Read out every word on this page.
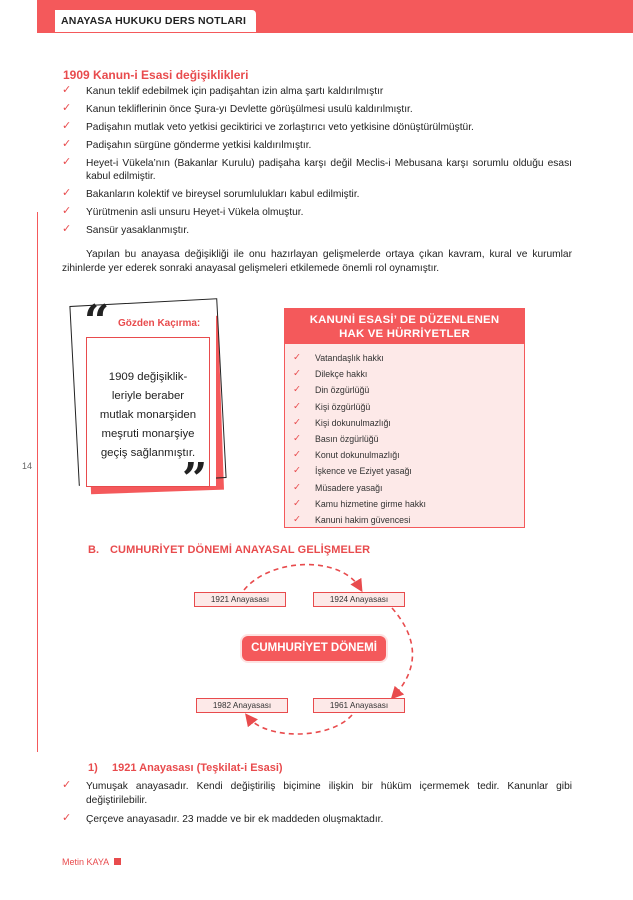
ANAYASA HUKUKU DERS NOTLARI
14
1909 Kanun-i Esasi değişiklikleri
✓ Kanun teklif edebilmek için padişahtan izin alma şartı kaldırılmıştır
✓ Kanun tekliflerinin önce Şura-yı Devlette görüşülmesi usulü kaldırılmıştır.
✓ Padişahın mutlak veto yetkisi geciktirici ve zorlaştırıcı veto yetkisine dönüştürülmüştür.
✓ Padişahın sürgüne gönderme yetkisi kaldırılmıştır.
✓ Heyet-i Vükela’nın (Bakanlar Kurulu) padişaha karşı değil Meclis-i Mebusana karşı sorumlu olduğu esası kabul edilmiştir.
✓ Bakanların kolektif ve bireysel sorumlulukları kabul edilmiştir.
✓ Yürütmenin asli unsuru Heyet-i Vükela olmuştur.
✓ Sansür yasaklanmıştır.

Yapılan bu anayasa değişikliği ile onu hazırlayan gelişmelerde ortaya çıkan kavram, kural ve kurumlar zihinlerde yer ederek sonraki anayasal gelişmeleri etkilemede önemli rol oynamıştır.

“ Gözden Kaçırma:
1909 değişiklik-
leriyle beraber
mutlak monarşiden
meşruti monarşiye
geçiş sağlanmıştır.
”
KANUNİ ESASİ’ DE DÜZENLENEN
HAK VE HÜRRİYETLER
✓ Vatandaşlık hakkı
✓ Dilekçe hakkı
✓ Din özgürlüğü
✓ Kişi özgürlüğü
✓ Kişi dokunulmazlığı
✓ Basın özgürlüğü
✓ Konut dokunulmazlığı
✓ İşkence ve Eziyet yasağı
✓ Müsadere yasağı
✓ Kamu hizmetine girme hakkı
✓ Kanuni hakim güvencesi
B. CUMHURİYET DÖNEMİ ANAYASAL GELİŞMELER
1921 Anayasası	1924 Anayasası
1961 Anayasası
1982 Anayasası
CUMHURİYET DÖNEMİ
1) 1921 Anayasası (Teşkilat-i Esasi)
✓ Yumuşak anayasadır. Kendi değiştiriliş biçimine ilişkin bir hüküm içermemek tedir. Kanunlar gibi değiştirilebilir.
✓ Çerçeve anayasadır. 23 madde ve bir ek maddeden oluşmaktadır.
Metin KAYA
